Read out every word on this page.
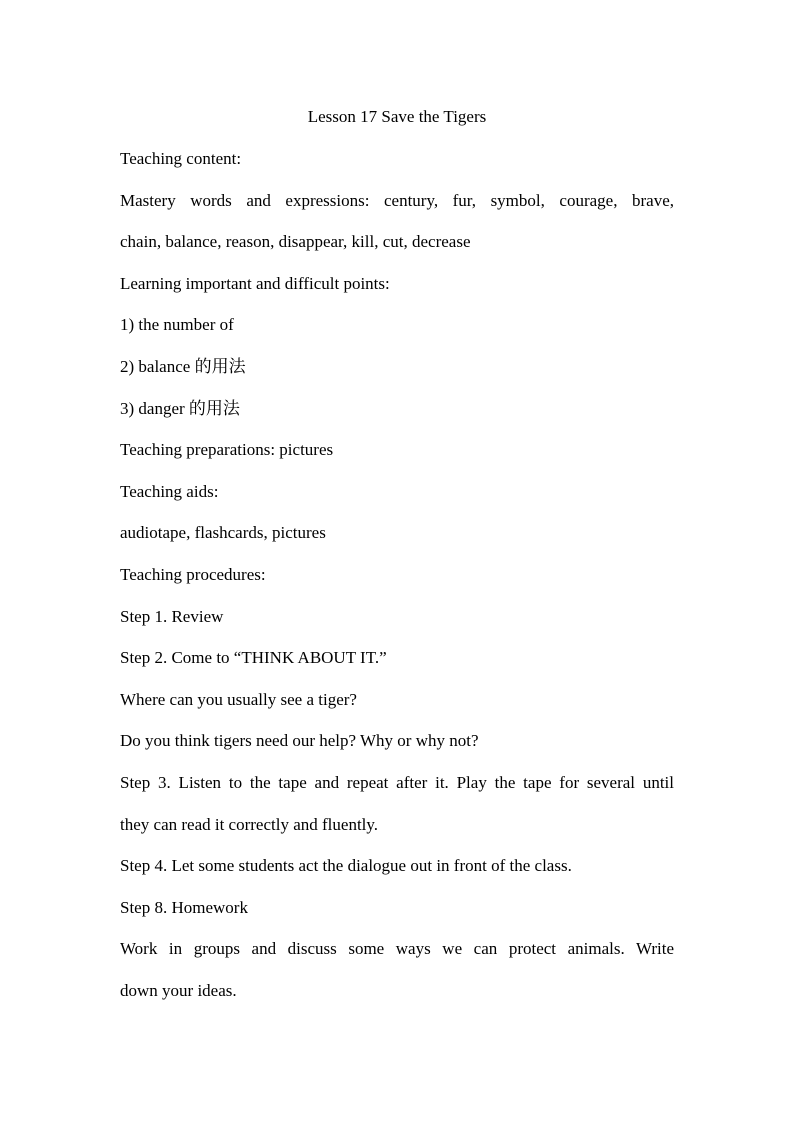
Lesson 17 Save the Tigers
Teaching content:
Mastery words and expressions: century, fur, symbol, courage, brave,
chain, balance, reason, disappear, kill, cut, decrease
Learning important and difficult points:
1) the number of
2) balance 的用法
3) danger 的用法
Teaching preparations: pictures
Teaching aids:
audiotape, flashcards, pictures
Teaching procedures:
Step 1. Review
Step 2. Come to “THINK ABOUT IT.”
Where can you usually see a tiger?
Do you think tigers need our help? Why or why not?
Step 3. Listen to the tape and repeat after it. Play the tape for several until
they can read it correctly and fluently.
Step 4. Let some students act the dialogue out in front of the class.
Step 8. Homework
Work in groups and discuss some ways we can protect animals. Write
down your ideas.
